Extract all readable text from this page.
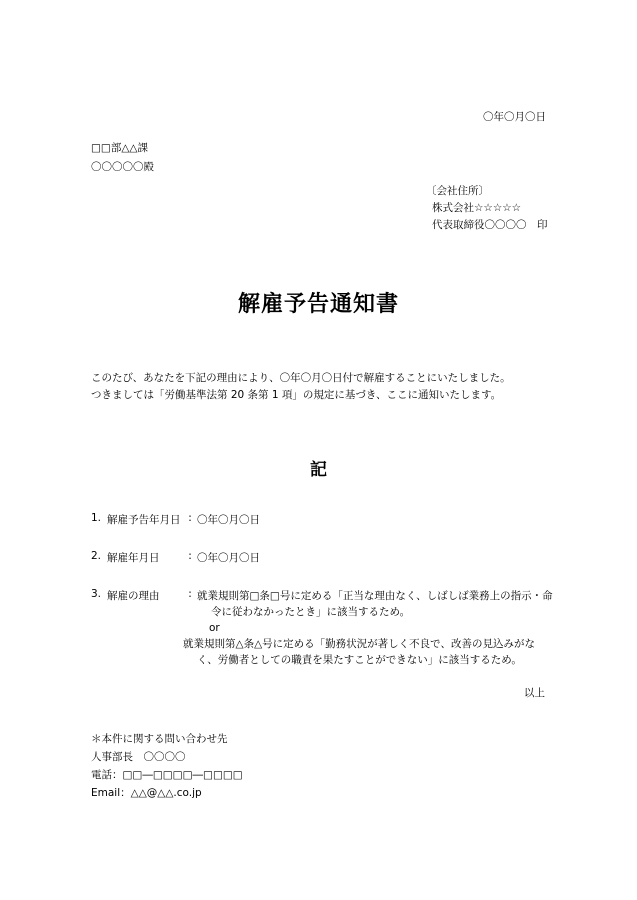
〇年〇月〇日
□□部△△課
〇〇〇〇〇殿
〔会社住所〕
株式会社☆☆☆☆☆
代表取締役〇〇〇〇　印
解雇予告通知書
このたび、あなたを下記の理由により、〇年〇月〇日付で解雇することにいたしました。
つきましては「労働基準法第 20 条第 1 項」の規定に基づき、ここに通知いたします。
記
1. 解雇予告年月日 : 〇年〇月〇日
2. 解雇年月日	: 〇年〇月〇日
3. 解雇の理由	: 就業規則第□条□号に定める「正当な理由なく、しばしば業務上の指示・命
令に従わなかったとき」に該当するため。
or
就業規則第△条△号に定める「勤務状況が著しく不良で、改善の見込みがな
く、労働者としての職責を果たすことができない」に該当するため。
以上
＊本件に関する問い合わせ先
人事部長　〇〇〇〇
電話：□□―□□□□―□□□□
Email：△△@△△.co.jp
